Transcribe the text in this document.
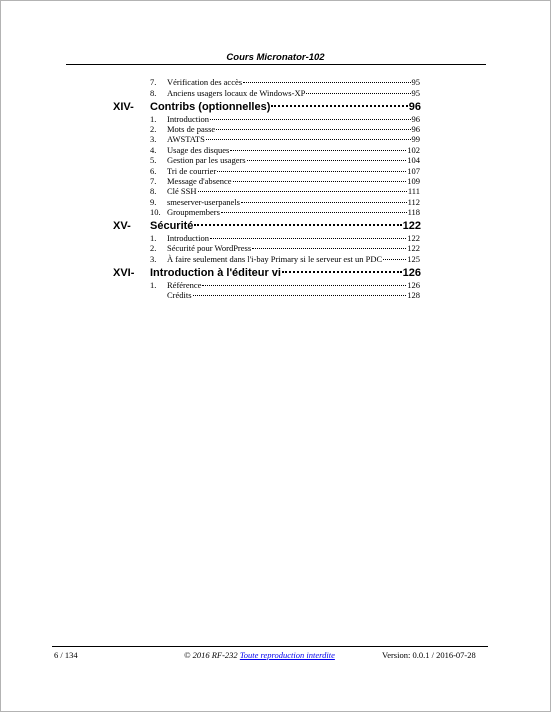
Cours Micronator-102
7. Vérification des accès	95
8. Anciens usagers locaux de Windows-XP	95
XIV- Contribs (optionnelles)	96
1. Introduction	96
2. Mots de passe	96
3. AWSTATS	99
4. Usage des disques	102
5. Gestion par les usagers	104
6. Tri de courrier	107
7. Message d'absence	109
8. Clé SSH	111
9. smeserver-userpanels	112
10. Groupmembers	118
XV- Sécurité	122
1. Introduction	122
2. Sécurité pour WordPress	122
3. À faire seulement dans l'i-bay Primary si le serveur est un PDC	125
XVI- Introduction à l'éditeur vi	126
1. Référence	126
Crédits	128
6 / 134	© 2016 RF-232 Toute reproduction interdite	Version: 0.0.1 / 2016-07-28
